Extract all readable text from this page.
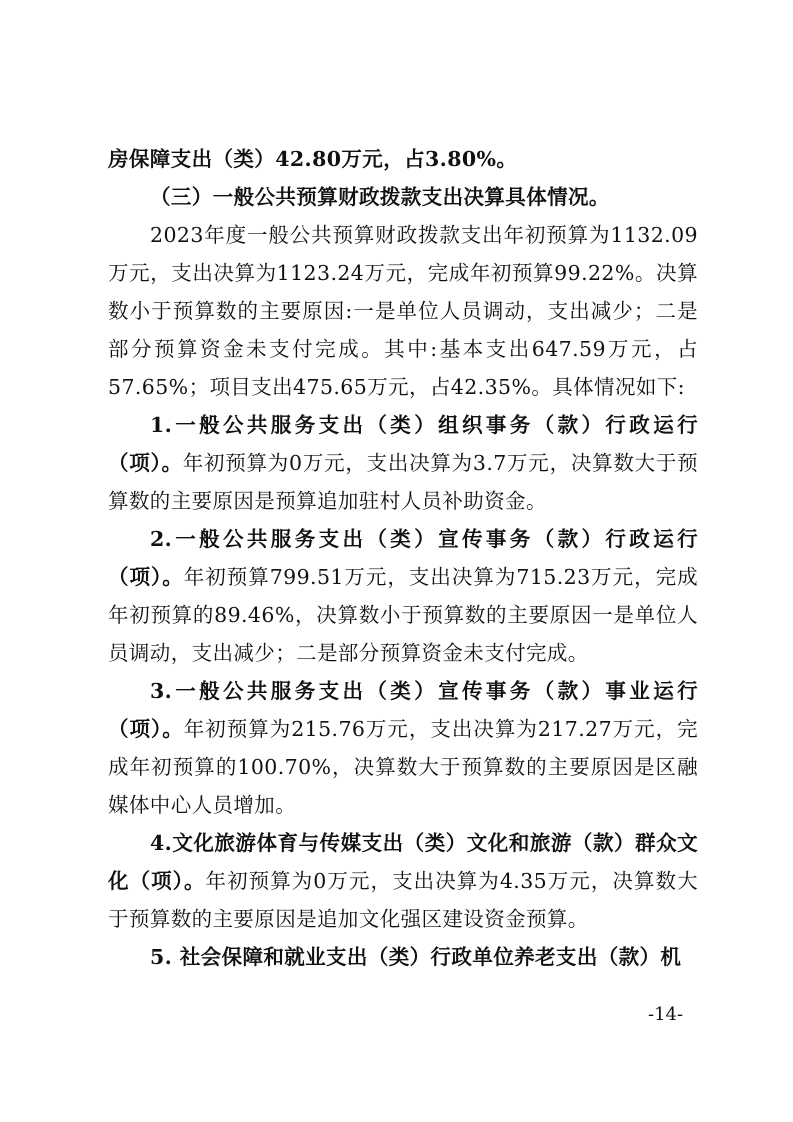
房保障支出（类）42.80万元，占3.80%。
（三）一般公共预算财政拨款支出决算具体情况。
2023年度一般公共预算财政拨款支出年初预算为1132.09万元，支出决算为1123.24万元，完成年初预算99.22%。决算数小于预算数的主要原因:一是单位人员调动，支出减少；二是部分预算资金未支付完成。其中:基本支出647.59万元，占57.65%；项目支出475.65万元，占42.35%。具体情况如下:
1.一般公共服务支出（类）组织事务（款）行政运行（项）。年初预算为0万元，支出决算为3.7万元，决算数大于预算数的主要原因是预算追加驻村人员补助资金。
2.一般公共服务支出（类）宣传事务（款）行政运行（项）。年初预算799.51万元，支出决算为715.23万元，完成年初预算的89.46%，决算数小于预算数的主要原因一是单位人员调动，支出减少；二是部分预算资金未支付完成。
3.一般公共服务支出（类）宣传事务（款）事业运行（项）。年初预算为215.76万元，支出决算为217.27万元，完成年初预算的100.70%，决算数大于预算数的主要原因是区融媒体中心人员增加。
4.文化旅游体育与传媒支出（类）文化和旅游（款）群众文化（项）。年初预算为0万元，支出决算为4.35万元，决算数大于预算数的主要原因是追加文化强区建设资金预算。
5. 社会保障和就业支出（类）行政单位养老支出（款）机
-14-
